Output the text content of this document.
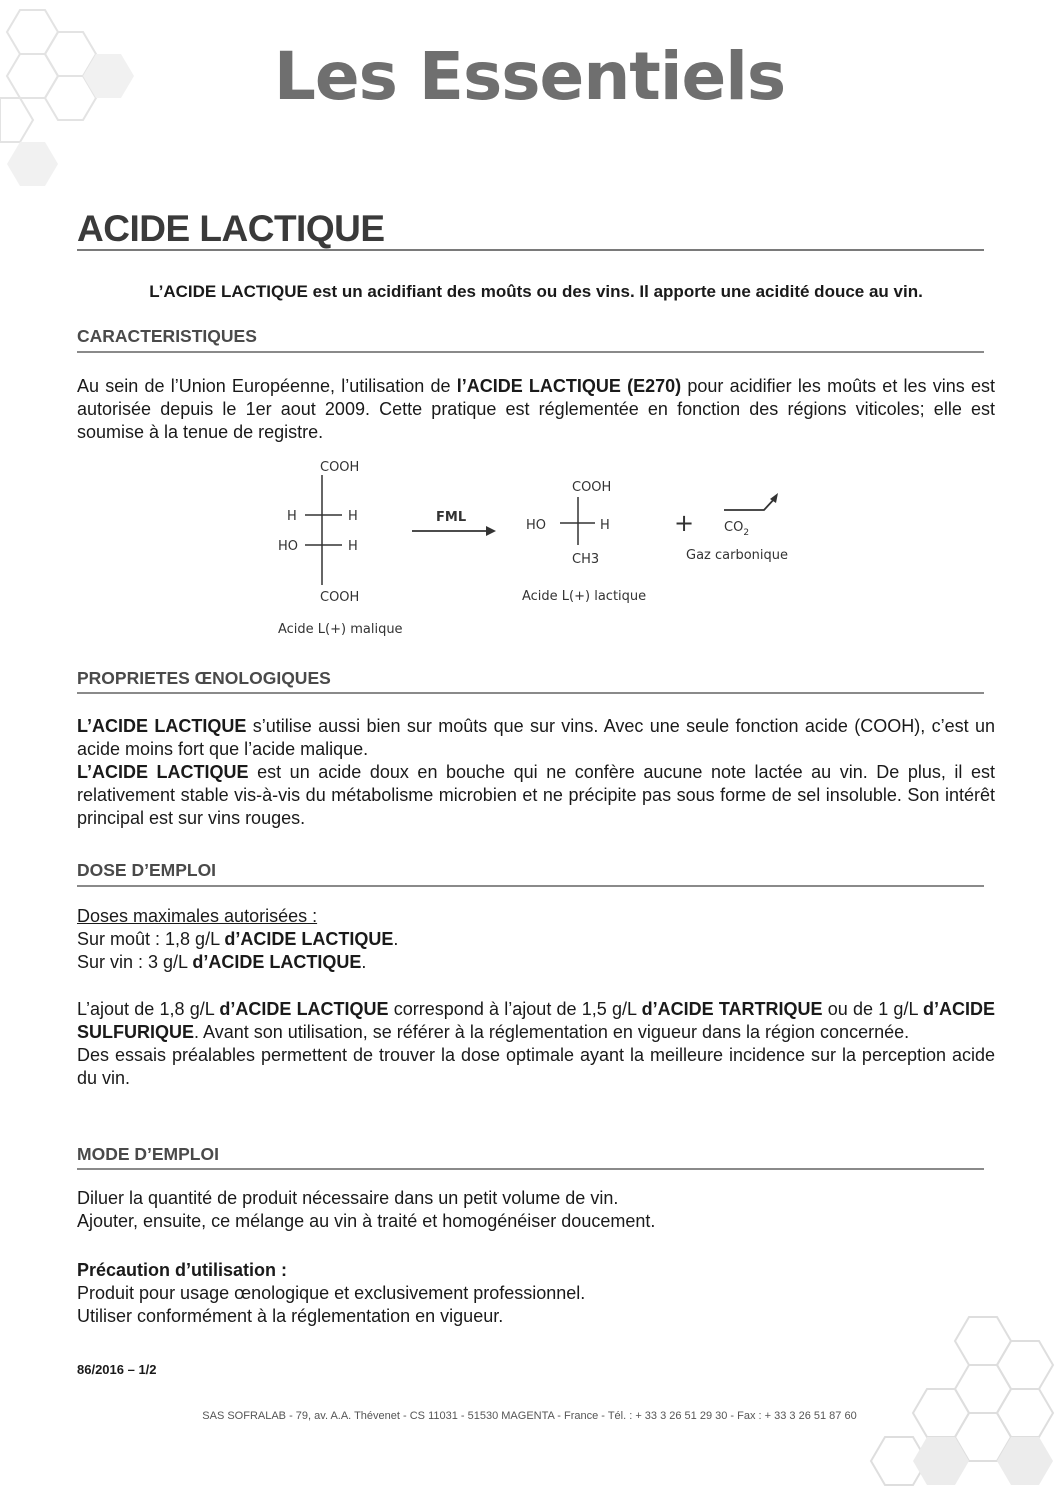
Les Essentiels
ACIDE LACTIQUE
L’ACIDE LACTIQUE est un acidifiant des moûts ou des vins. Il apporte une acidité douce au vin.
CARACTERISTIQUES

Au sein de l’Union Européenne, l’utilisation de l’ACIDE LACTIQUE (E270) pour acidifier les moûts et les vins est autorisée depuis le 1er aout 2009. Cette pratique est réglementée en fonction des régions viticoles; elle est soumise à la tenue de registre.

PROPRIETES ŒNOLOGIQUES

L’ACIDE LACTIQUE s’utilise aussi bien sur moûts que sur vins. Avec une seule fonction acide (COOH), c’est un acide moins fort que l’acide malique.

L’ACIDE LACTIQUE est un acide doux en bouche qui ne confère aucune note lactée au vin. De plus, il est relativement stable vis-à-vis du métabolisme microbien et ne précipite pas sous forme de sel insoluble. Son intérêt principal est sur vins rouges.

DOSE D’EMPLOI
Doses maximales autorisées :
Sur moût : 1,8 g/L d’ACIDE LACTIQUE.
Sur vin : 3 g/L d’ACIDE LACTIQUE.

L’ajout de 1,8 g/L d’ACIDE LACTIQUE correspond à l’ajout de 1,5 g/L d’ACIDE TARTRIQUE ou de 1 g/L d’ACIDE SULFURIQUE. Avant son utilisation, se référer à la réglementation en vigueur dans la région concernée.

Des essais préalables permettent de trouver la dose optimale ayant la meilleure incidence sur la perception acide du vin.

MODE D’EMPLOI
Diluer la quantité de produit nécessaire dans un petit volume de vin.
Ajouter, ensuite, ce mélange au vin à traité et homogénéiser doucement.
Précaution d’utilisation :
Produit pour usage œnologique et exclusivement professionnel.
Utiliser conformément à la réglementation en vigueur.
COOH
H	H
HO	H
COOH
Acide L(+) malique
FML
COOH
HO	H
CH3
Acide L(+) lactique
+ $CO_2$
Gaz carbonique
86/2016 – 1/2
SAS SOFRALAB - 79, av. A.A. Thévenet - CS 11031 - 51530 MAGENTA - France - Tél. : + 33 3 26 51 29 30 - Fax : + 33 3 26 51 87 60
